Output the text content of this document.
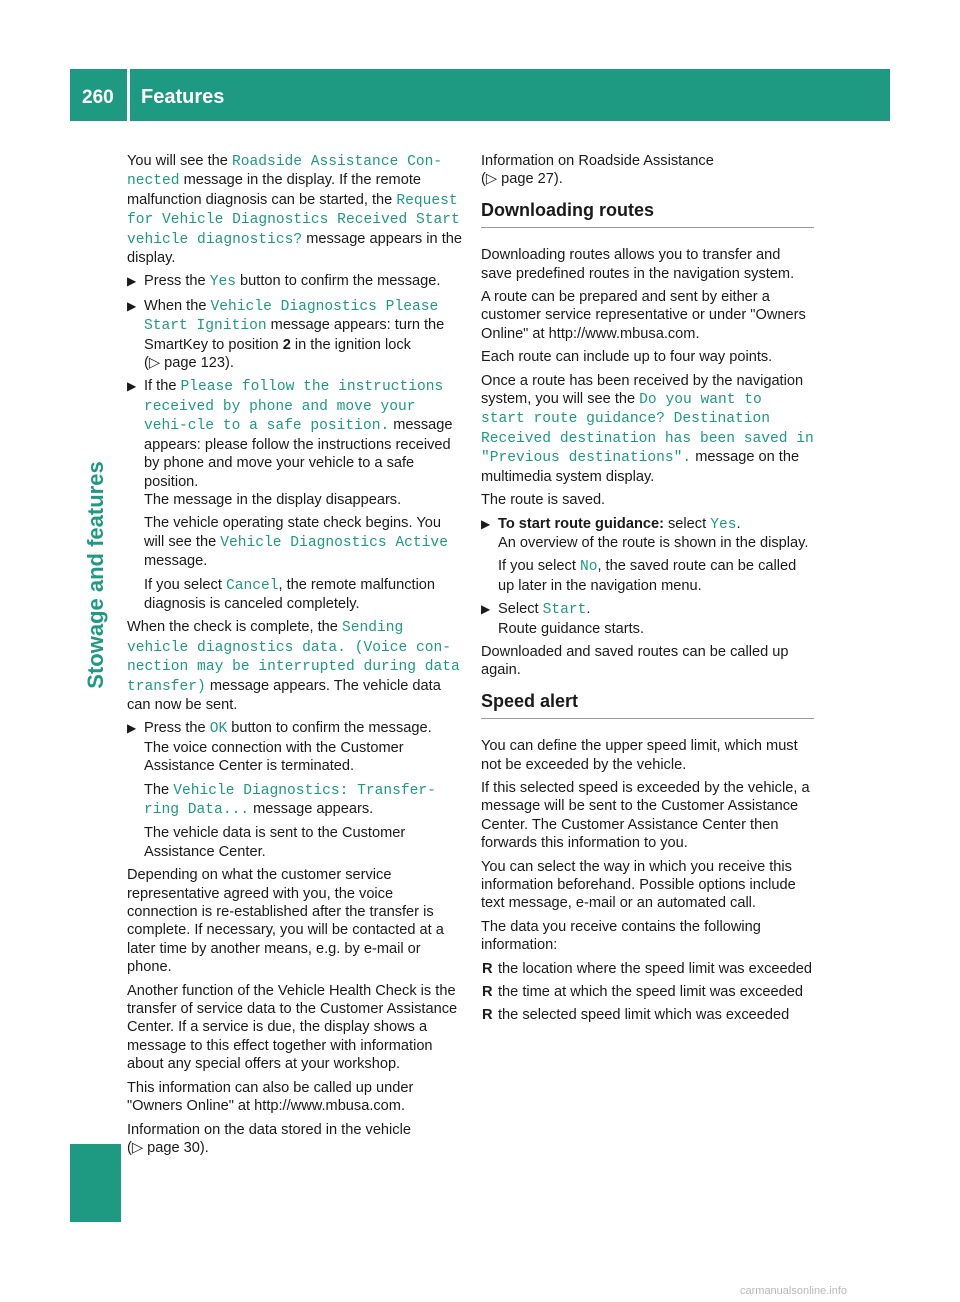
260 Features
Stowage and features

You will see the Roadside Assistance Con‐nected message in the display. If the remote malfunction diagnosis can be started, the Request for Vehicle Diagnostics Received Start vehicle diagnostics? message appears in the display.

▶ Press the Yes button to confirm the message.
▶ When the Vehicle Diagnostics Please Start Ignition message appears: turn the SmartKey to position 2 in the ignition lock
(▷ page 123).
▶ If the Please follow the instructions received by phone and move your vehi‐cle to a safe position. message appears: please follow the instructions received by phone and move your vehicle to a safe position.
The message in the display disappears.
The vehicle operating state check begins. You will see the Vehicle Diagnostics Active message.
If you select Cancel, the remote malfunction diagnosis is canceled completely.

When the check is complete, the Sending vehicle diagnostics data. (Voice con‐nection may be interrupted during data transfer) message appears. The vehicle data can now be sent.

▶ Press the OK button to confirm the message.
The voice connection with the Customer Assistance Center is terminated.
The Vehicle Diagnostics: Transfer‐ring Data... message appears.
The vehicle data is sent to the Customer Assistance Center.

Depending on what the customer service representative agreed with you, the voice connection is re-established after the transfer is complete. If necessary, you will be contacted at a later time by another means, e.g. by e-mail or phone.

Another function of the Vehicle Health Check is the transfer of service data to the Customer Assistance Center. If a service is due, the display shows a message to this effect together with information about any special offers at your workshop.

This information can also be called up under "Owners Online" at http://www.mbusa.com.

Information on the data stored in the vehicle
(▷ page 30).

Information on Roadside Assistance
(▷ page 27).

Downloading routes

Downloading routes allows you to transfer and save predefined routes in the navigation system.

A route can be prepared and sent by either a customer service representative or under "Owners Online" at http://www.mbusa.com.

Each route can include up to four way points.

Once a route has been received by the navigation system, you will see the Do you want to start route guidance? Destination Received destination has been saved in "Previous destinations". message on the multimedia system display.

The route is saved.

▶ To start route guidance: select Yes.
An overview of the route is shown in the display.
If you select No, the saved route can be called up later in the navigation menu.
▶ Select Start.
Route guidance starts.

Downloaded and saved routes can be called up again.

Speed alert

You can define the upper speed limit, which must not be exceeded by the vehicle.

If this selected speed is exceeded by the vehicle, a message will be sent to the Customer Assistance Center. The Customer Assistance Center then forwards this information to you.

You can select the way in which you receive this information beforehand. Possible options include text message, e-mail or an automated call.

The data you receive contains the following information:

R the location where the speed limit was exceeded
R the time at which the speed limit was exceeded
R the selected speed limit which was exceeded
carmanualsonline.info
